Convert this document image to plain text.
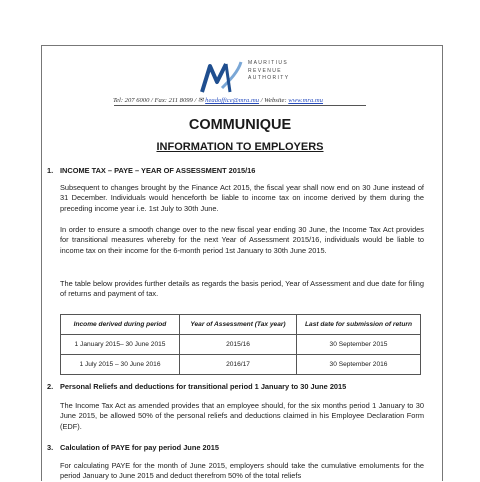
MAURITIUS
REVENUE
AUTHORITY
Tel: 207 6000 / Fax: 211 8099 / ✉ headoffice@mra.mu / Website: www.mra.mu
COMMUNIQUE
INFORMATION TO EMPLOYERS
1. INCOME TAX – PAYE – YEAR OF ASSESSMENT 2015/16
Subsequent to changes brought by the Finance Act 2015, the fiscal year shall now end on 30 June instead of 31 December. Individuals would henceforth be liable to income tax on income derived by them during the preceding income year i.e. 1st July to 30th June.
In order to ensure a smooth change over to the new fiscal year ending 30 June, the Income Tax Act provides for transitional measures whereby for the next Year of Assessment 2015/16, individuals would be liable to income tax on their income for the 6-month period 1st January to 30th June 2015.
The table below provides further details as regards the basis period, Year of Assessment and due date for filing of returns and payment of tax.
Income derived during period	Year of Assessment (Tax year)	Last date for submission of return
1 January 2015– 30 June 2015	2015/16	30 September 2015
1 July 2015 – 30 June 2016	2016/17	30 September 2016
2. Personal Reliefs and deductions for transitional period 1 January to 30 June 2015
The Income Tax Act as amended provides that an employee should, for the six months period 1 January to 30 June 2015, be allowed 50% of the personal reliefs and deductions claimed in his Employee Declaration Form (EDF).
3. Calculation of PAYE for pay period June 2015
For calculating PAYE for the month of June 2015, employers should take the cumulative emoluments for the period January to June 2015 and deduct therefrom 50% of the total reliefs
